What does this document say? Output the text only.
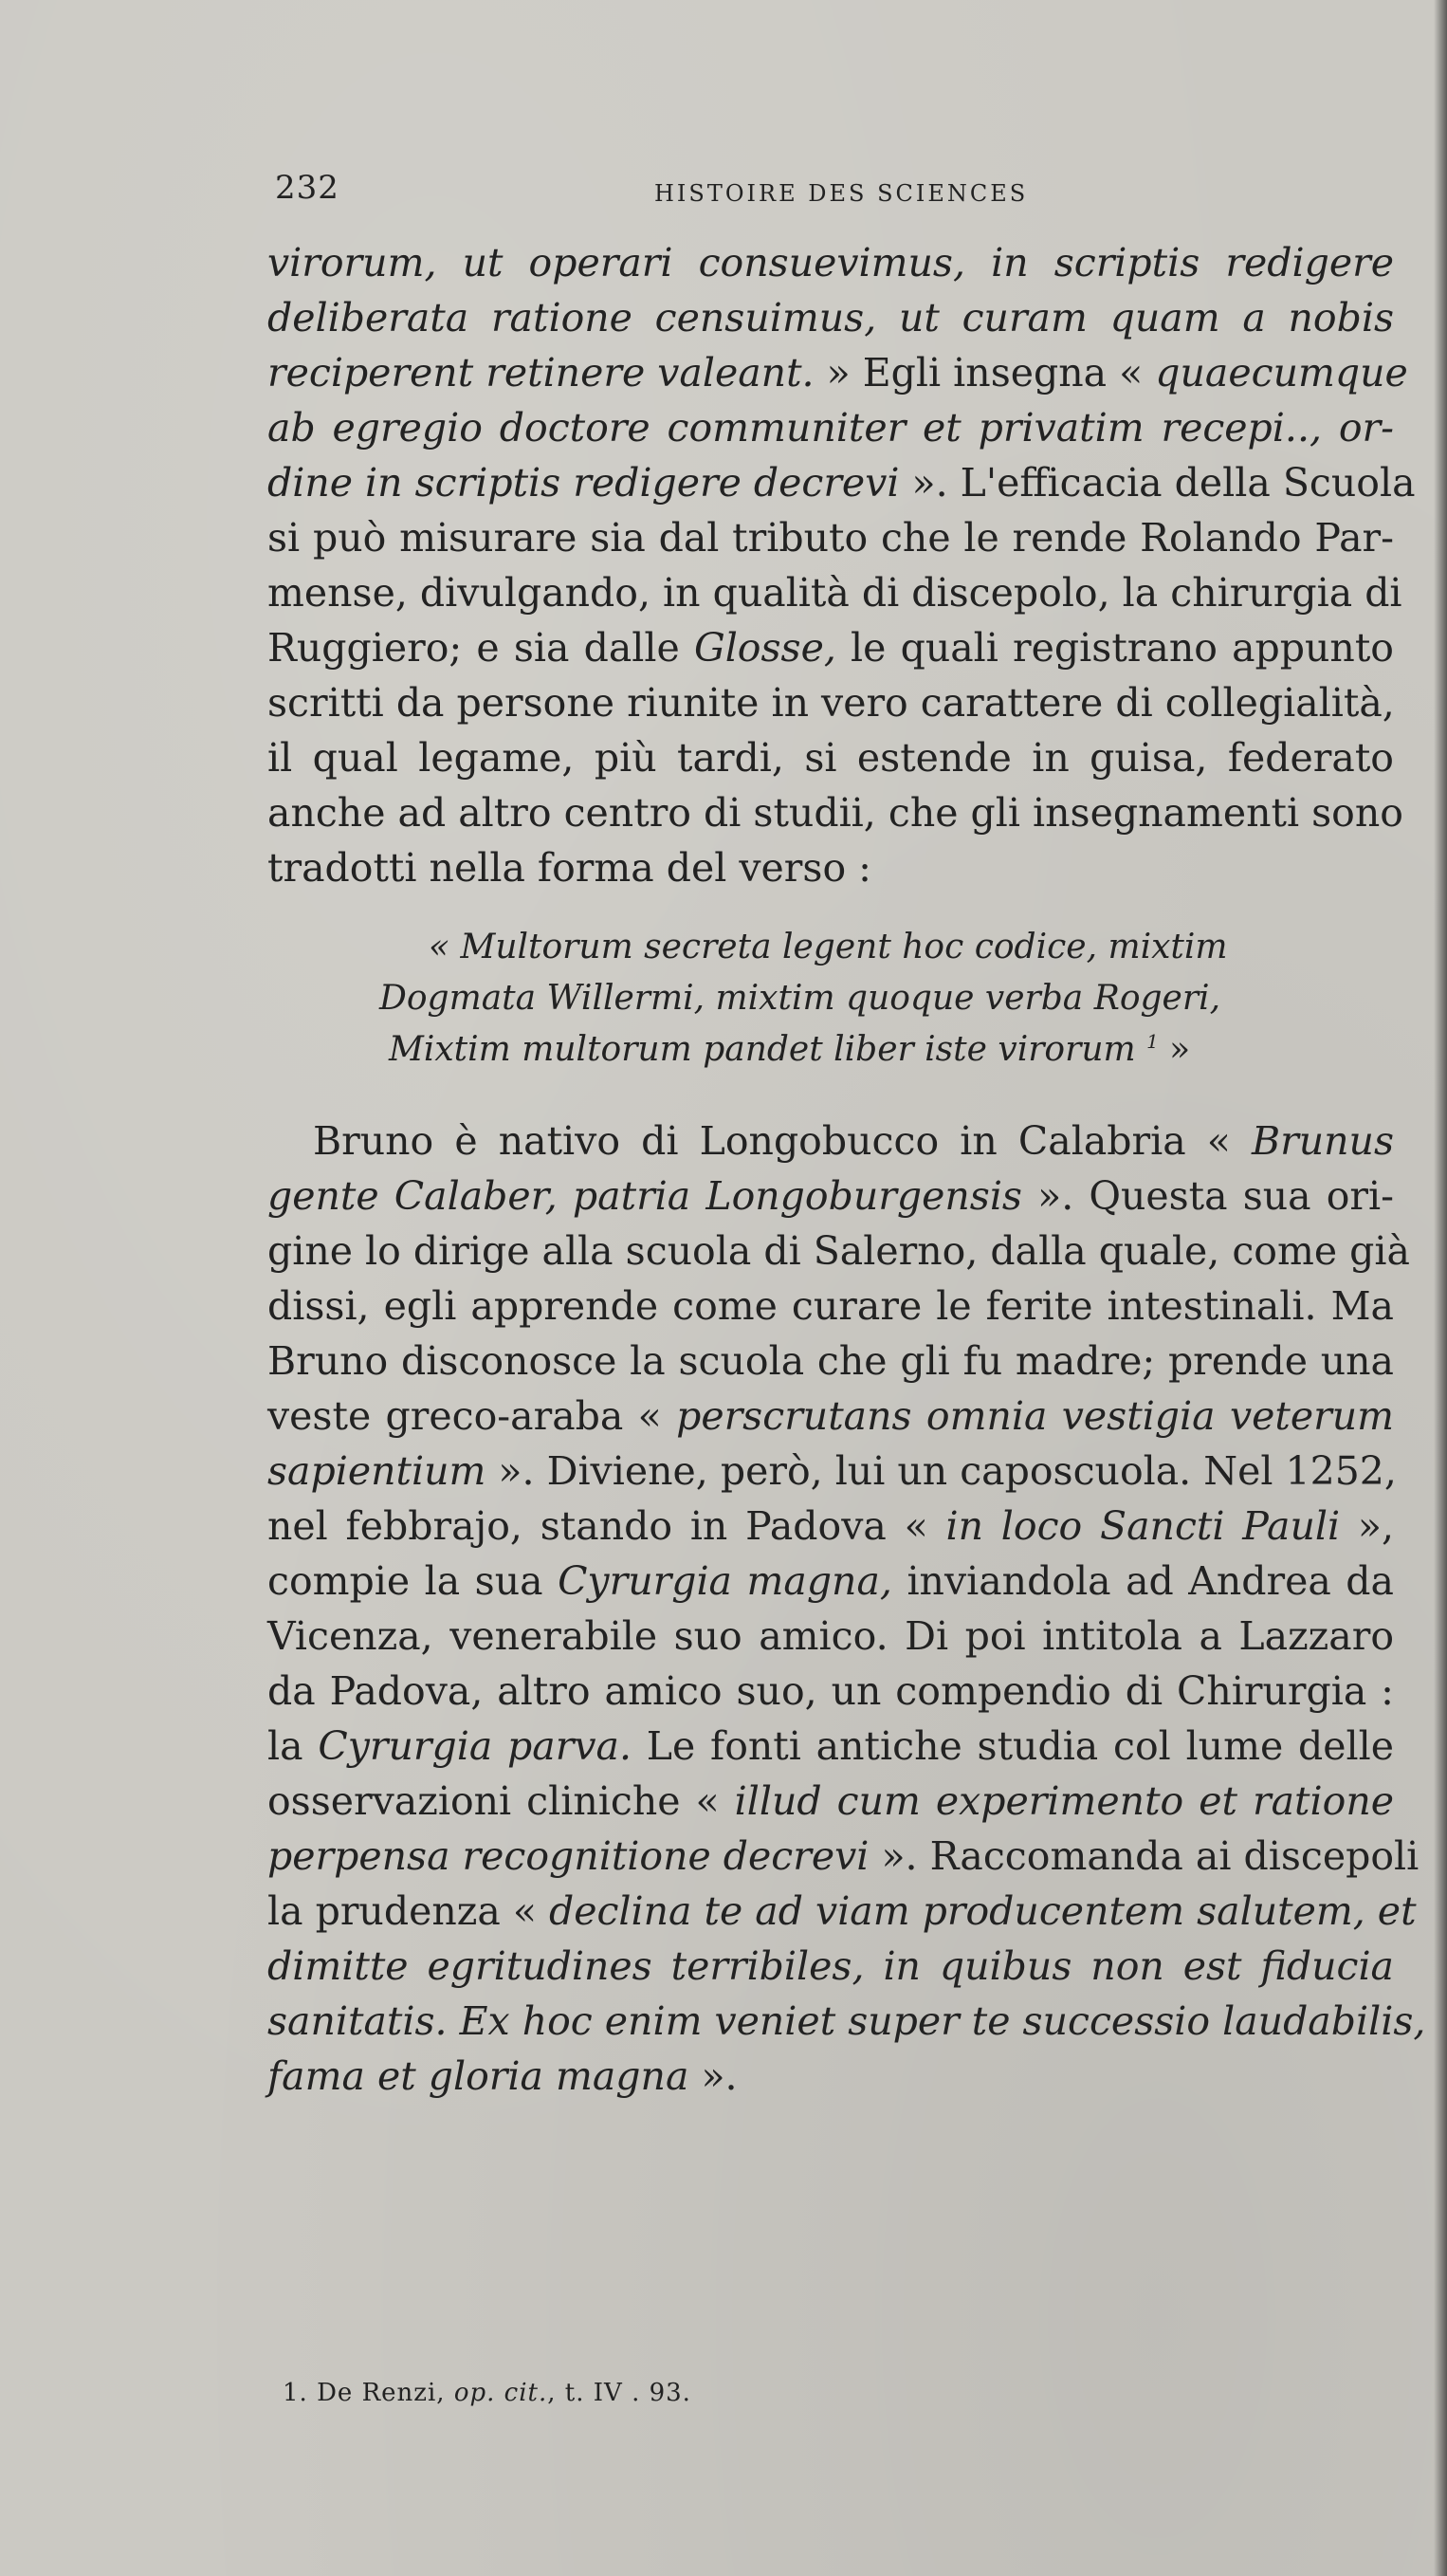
232	HISTOIRE DES SCIENCES
virorum, ut operari consuevimus, in scriptis redigere
deliberata ratione censuimus, ut curam quam a nobis
reciperent retinere valeant. » Egli insegna « quaecumque
ab egregio doctore communiter et privatim recepi.., or-
dine in scriptis redigere decrevi ». L'efficacia della Scuola
si può misurare sia dal tributo che le rende Rolando Par-
mense, divulgando, in qualità di discepolo, la chirurgia di
Ruggiero; e sia dalle Glosse, le quali registrano appunto
scritti da persone riunite in vero carattere di collegialità,
il qual legame, più tardi, si estende in guisa, federato
anche ad altro centro di studii, che gli insegnamenti sono
tradotti nella forma del verso :
« Multorum secreta legent hoc codice, mixtim
Dogmata Willermi, mixtim quoque verba Rogeri,
Mixtim multorum pandet liber iste virorum $^1$ »
Bruno è nativo di Longobucco in Calabria « Brunus
gente Calaber, patria Longoburgensis ». Questa sua ori-
gine lo dirige alla scuola di Salerno, dalla quale, come già
dissi, egli apprende come curare le ferite intestinali. Ma
Bruno disconosce la scuola che gli fu madre; prende una
veste greco-araba « perscrutans omnia vestigia veterum
sapientium ». Diviene, però, lui un caposcuola. Nel 1252,
nel febbrajo, stando in Padova « in loco Sancti Pauli »,
compie la sua Cyrurgia magna, inviandola ad Andrea da
Vicenza, venerabile suo amico. Di poi intitola a Lazzaro
da Padova, altro amico suo, un compendio di Chirurgia :
la Cyrurgia parva. Le fonti antiche studia col lume delle
osservazioni cliniche « illud cum experimento et ratione
perpensa recognitione decrevi ». Raccomanda ai discepoli
la prudenza « declina te ad viam producentem salutem, et
dimitte egritudines terribiles, in quibus non est fiducia
sanitatis. Ex hoc enim veniet super te successio laudabilis,
fama et gloria magna ».
1. De Renzi, op. cit., t. IV . 93.
